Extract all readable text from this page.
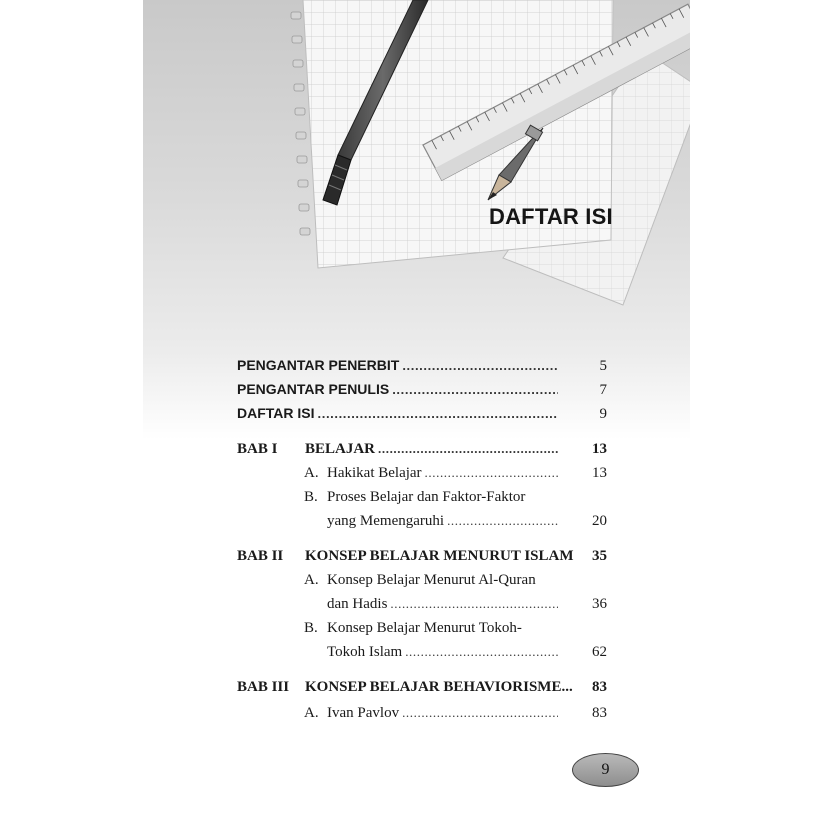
DAFTAR ISI
PENGANTAR PENERBIT .....	5
PENGANTAR PENULIS .....	7
DAFTAR ISI .....	9
BAB I BELAJAR .....	13
A. Hakikat Belajar .....	13
B. Proses Belajar dan Faktor-Faktor
yang Memengaruhi .....	20
BAB II KONSEP BELAJAR MENURUT ISLAM	35
A. Konsep Belajar Menurut Al-Quran
dan Hadis .....	36
B. Konsep Belajar Menurut Tokoh-
Tokoh Islam .....	62
BAB III KONSEP BELAJAR BEHAVIORISME...	83
A. Ivan Pavlov .....	83
9
